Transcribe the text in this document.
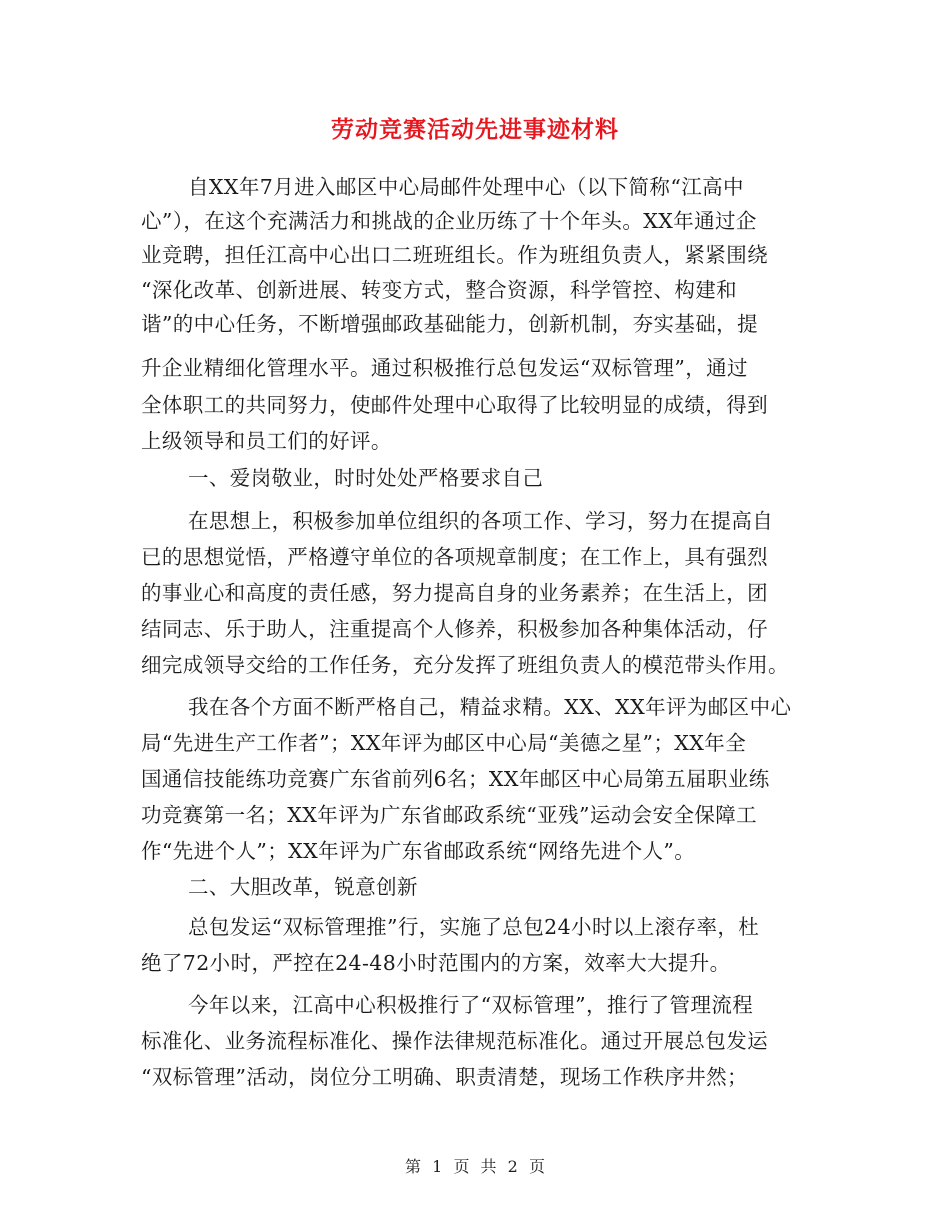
劳动竞赛活动先进事迹材料
自XX年7月进入邮区中心局邮件处理中心（以下简称“江高中
心”），在这个充满活力和挑战的企业历练了十个年头。XX年通过企
业竞聘，担任江高中心出口二班班组长。作为班组负责人，紧紧围绕
“深化改革、创新进展、转变方式，整合资源，科学管控、构建和
谐”的中心任务，不断增强邮政基础能力，创新机制，夯实基础，提
升企业精细化管理水平。通过积极推行总包发运“双标管理”，通过
全体职工的共同努力，使邮件处理中心取得了比较明显的成绩，得到
上级领导和员工们的好评。
一、爱岗敬业，时时处处严格要求自己
在思想上，积极参加单位组织的各项工作、学习，努力在提高自
已的思想觉悟，严格遵守单位的各项规章制度；在工作上，具有强烈
的事业心和高度的责任感，努力提高自身的业务素养；在生活上，团
结同志、乐于助人，注重提高个人修养，积极参加各种集体活动，仔
细完成领导交给的工作任务，充分发挥了班组负责人的模范带头作用。
我在各个方面不断严格自己，精益求精。XX、XX年评为邮区中心
局“先进生产工作者”；XX年评为邮区中心局“美德之星”；XX年全
国通信技能练功竞赛广东省前列6名；XX年邮区中心局第五届职业练
功竞赛第一名；XX年评为广东省邮政系统“亚残”运动会安全保障工
作“先进个人”；XX年评为广东省邮政系统“网络先进个人”。
二、大胆改革，锐意创新
总包发运“双标管理推”行，实施了总包24小时以上滚存率，杜
绝了72小时，严控在24-48小时范围内的方案，效率大大提升。
今年以来，江高中心积极推行了“双标管理”，推行了管理流程
标准化、业务流程标准化、操作法律规范标准化。通过开展总包发运
“双标管理”活动，岗位分工明确、职责清楚，现场工作秩序井然；
第 1 页 共 2 页
